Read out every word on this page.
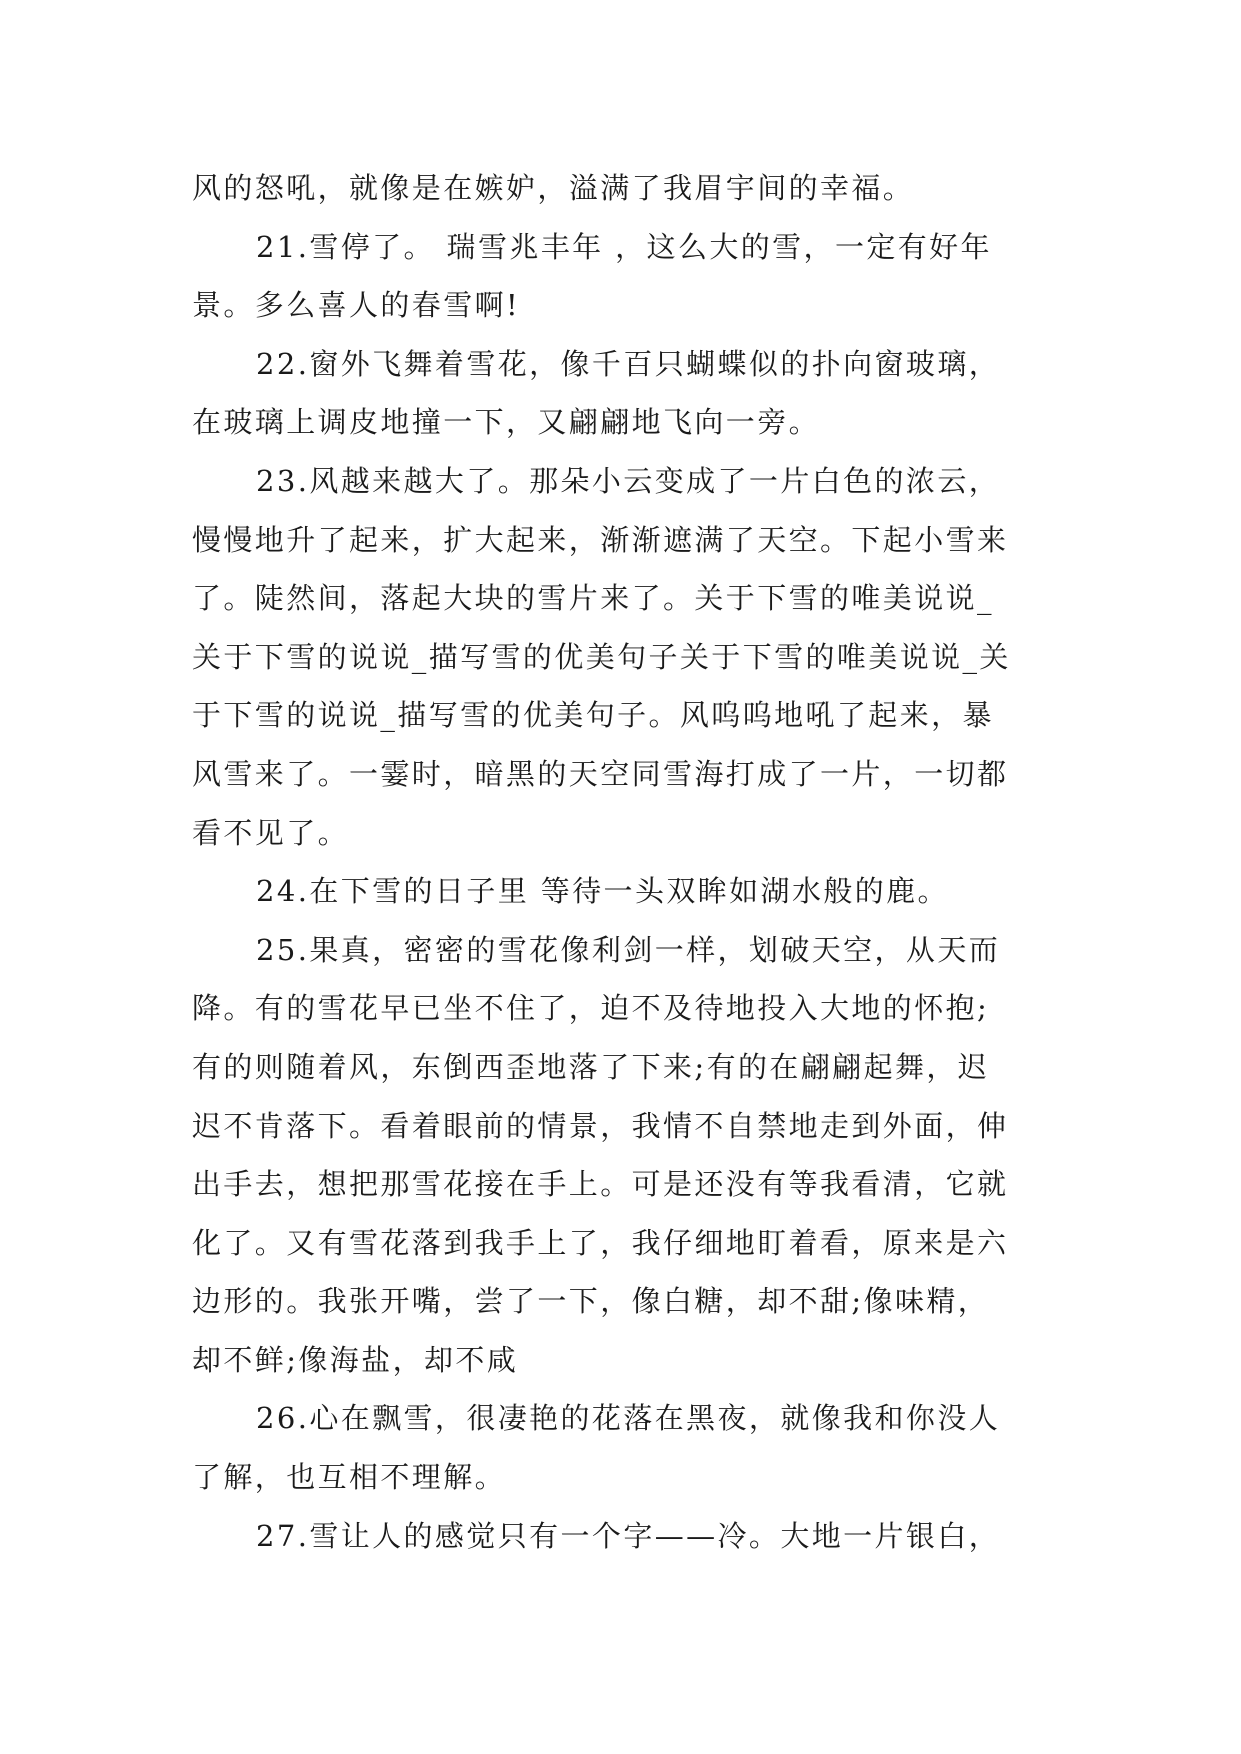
风的怒吼，就像是在嫉妒，溢满了我眉宇间的幸福。
21.雪停了。 瑞雪兆丰年 ，这么大的雪，一定有好年
景。多么喜人的春雪啊!
22.窗外飞舞着雪花，像千百只蝴蝶似的扑向窗玻璃，
在玻璃上调皮地撞一下，又翩翩地飞向一旁。
23.风越来越大了。那朵小云变成了一片白色的浓云，
慢慢地升了起来，扩大起来，渐渐遮满了天空。下起小雪来
了。陡然间，落起大块的雪片来了。关于下雪的唯美说说_
关于下雪的说说_描写雪的优美句子关于下雪的唯美说说_关
于下雪的说说_描写雪的优美句子。风呜呜地吼了起来，暴
风雪来了。一霎时，暗黑的天空同雪海打成了一片，一切都
看不见了。
24.在下雪的日子里 等待一头双眸如湖水般的鹿。
25.果真，密密的雪花像利剑一样，划破天空，从天而
降。有的雪花早已坐不住了，迫不及待地投入大地的怀抱;
有的则随着风，东倒西歪地落了下来;有的在翩翩起舞，迟
迟不肯落下。看着眼前的情景，我情不自禁地走到外面，伸
出手去，想把那雪花接在手上。可是还没有等我看清，它就
化了。又有雪花落到我手上了，我仔细地盯着看，原来是六
边形的。我张开嘴，尝了一下，像白糖，却不甜;像味精，
却不鲜;像海盐，却不咸
26.心在飘雪，很凄艳的花落在黑夜，就像我和你没人
了解，也互相不理解。
27.雪让人的感觉只有一个字——冷。大地一片银白，
